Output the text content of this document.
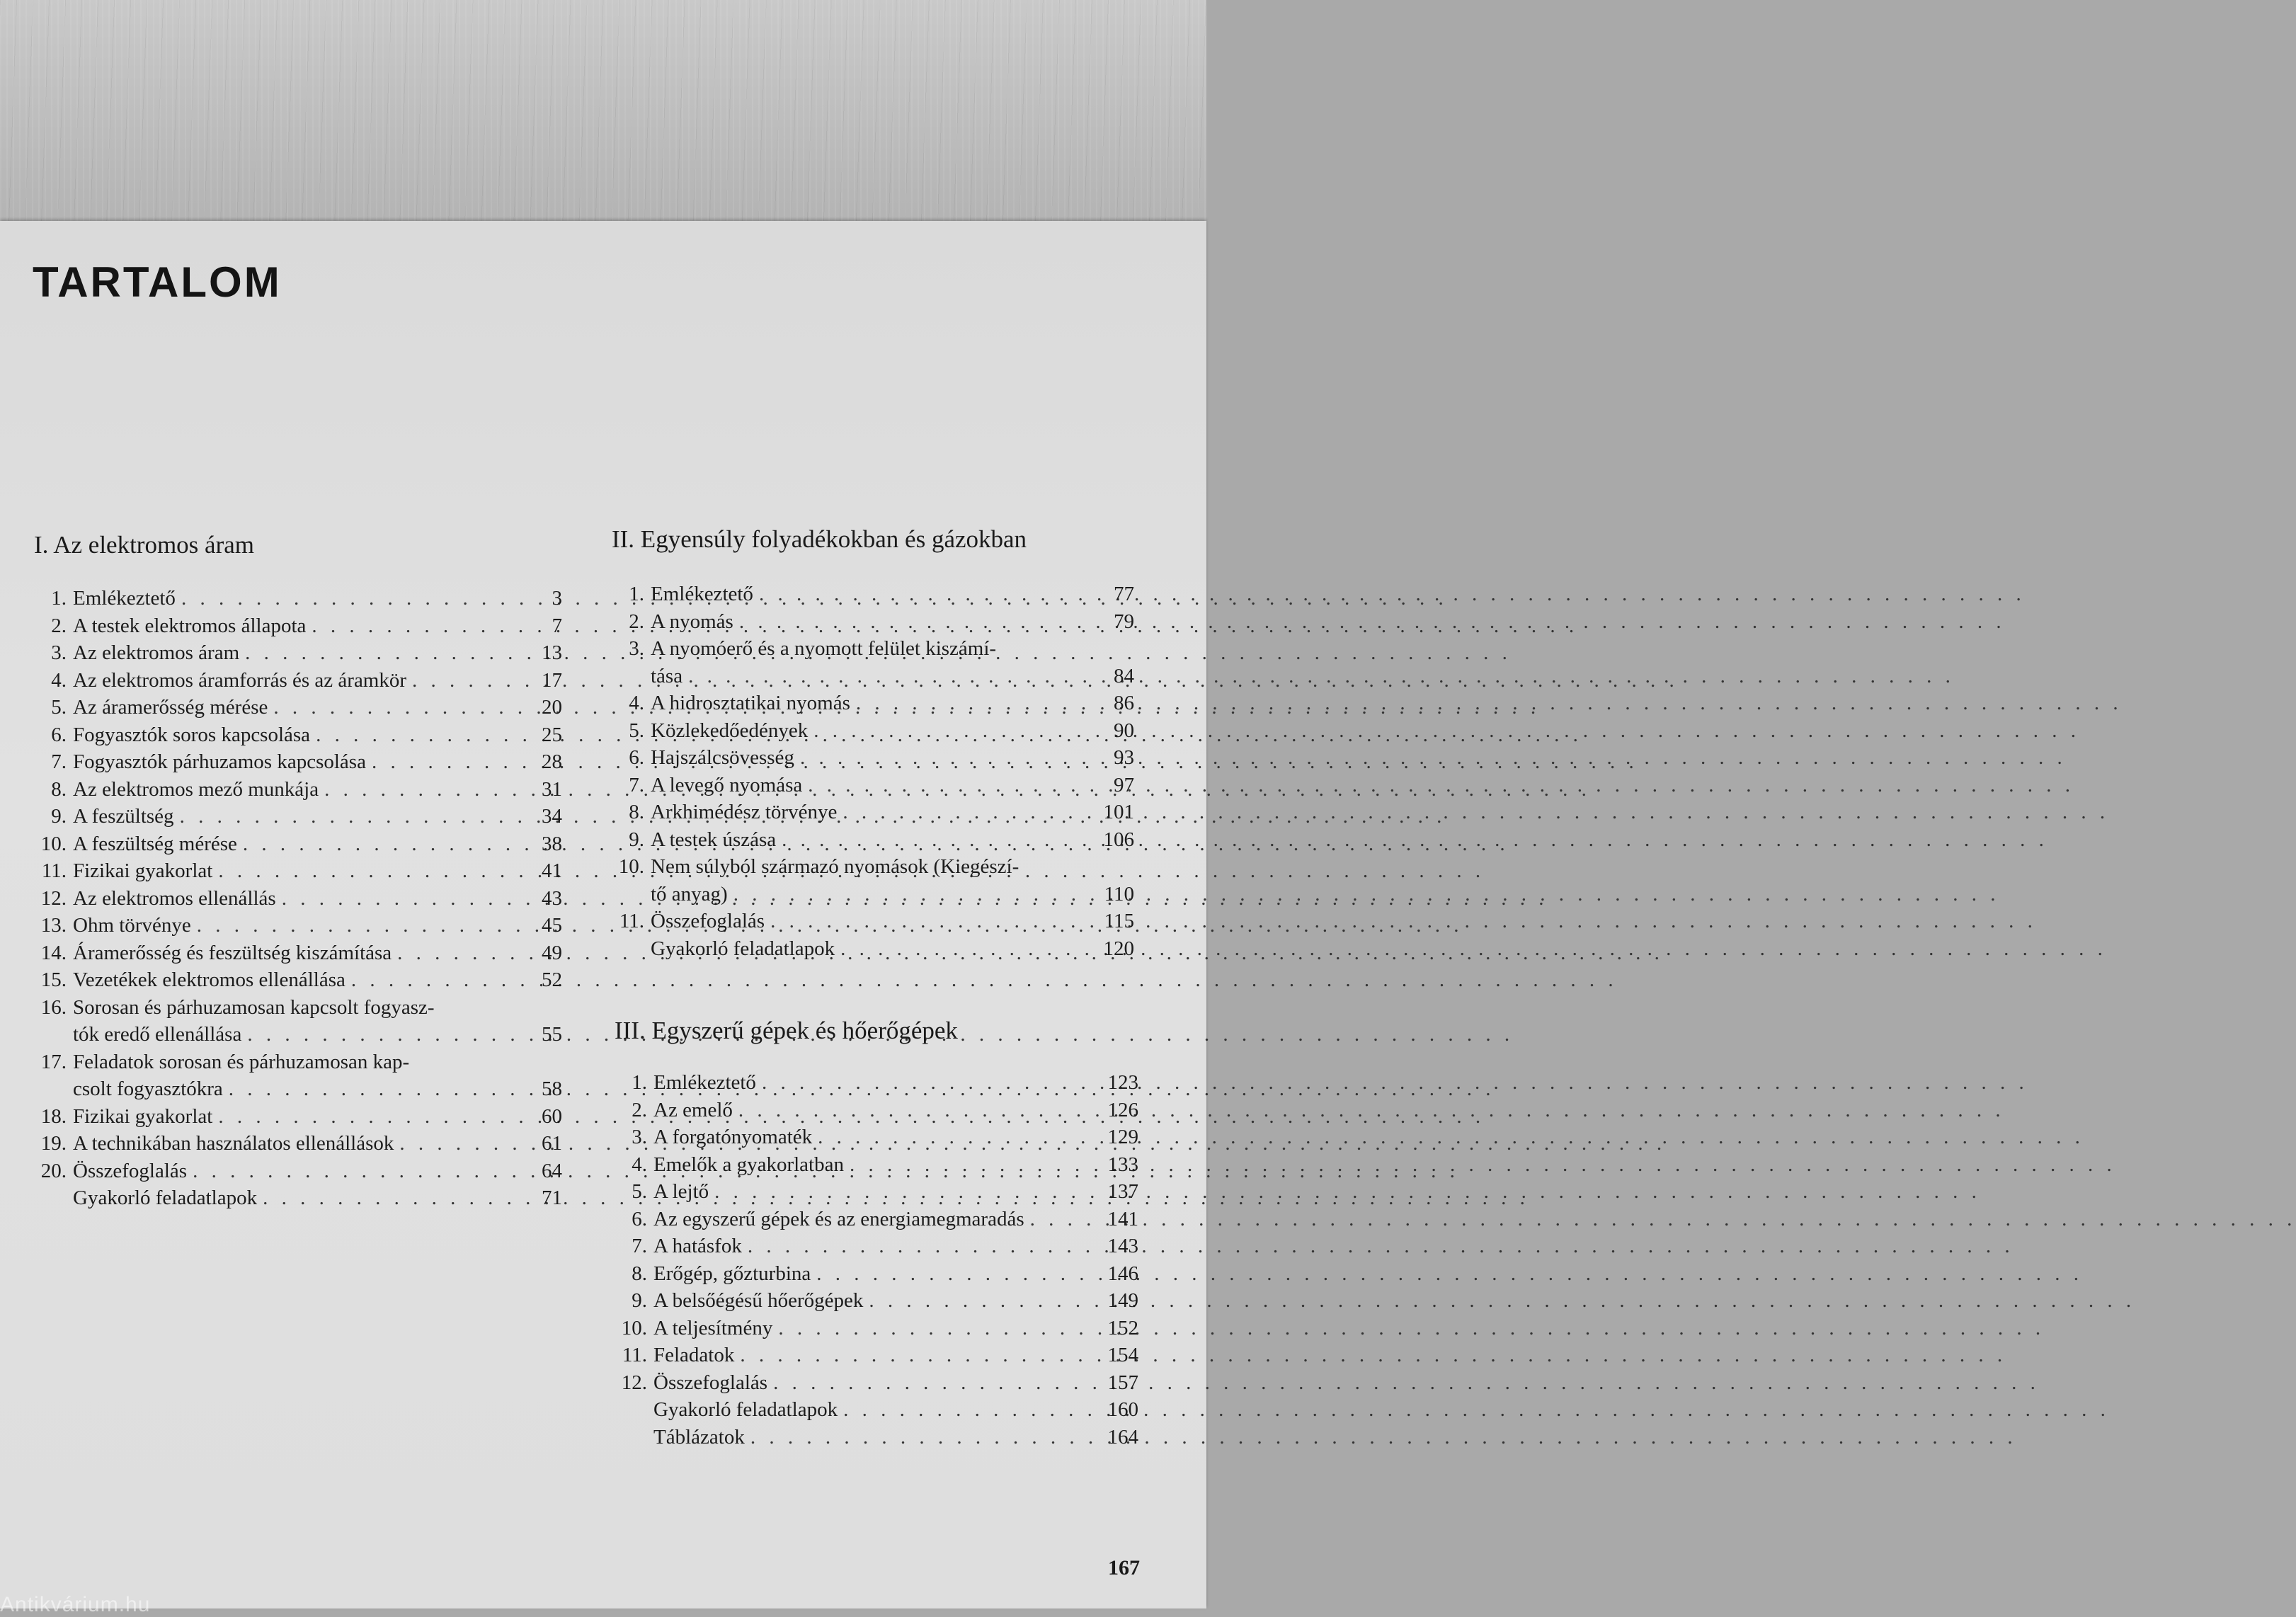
TARTALOM
I. Az elektromos áram
1. Emlékeztető . . .	3
2. A testek elektromos állapota . . .	7
3. Az elektromos áram . . .	13
4. Az elektromos áramforrás és az áramkör . . .	17
5. Az áramerősség mérése . . .	20
6. Fogyasztók soros kapcsolása . . .	25
7. Fogyasztók párhuzamos kapcsolása . . .	28
8. Az elektromos mező munkája . . .	31
9. A feszültség . . .	34
10. A feszültség mérése . . .	38
11. Fizikai gyakorlat . . .	41
12. Az elektromos ellenállás . . .	43
13. Ohm törvénye . . .	45
14. Áramerősség és feszültség kiszámítása . . .	49
15. Vezetékek elektromos ellenállása . . .	52
16. Sorosan és párhuzamosan kapcsolt fogyasz-
tók eredő ellenállása . . .	55
17. Feladatok sorosan és párhuzamosan kap-
csolt fogyasztókra . . .	58
18. Fizikai gyakorlat . . .	60
19. A technikában használatos ellenállások . . .	61
20. Összefoglalás . . .	64
Gyakorló feladatlapok . . .	71
II. Egyensúly folyadékokban és gázokban
1. Emlékeztető . . .	77
2. A nyomás . . .	79
3. A nyomóerő és a nyomott felület kiszámí-
tása . . .	84
4. A hidrosztatikai nyomás . . .	86
5. Közlekedőedények . . .	90
6. Hajszálcsövesség . . .	93
7. A levegő nyomása . . .	97
8. Arkhimédész törvénye . . .	101
9. A testek úszása . . .	106
10. Nem súlyból származó nyomások (Kiegészí-
tő anyag) . . .	110
11. Összefoglalás . . .	115
Gyakorló feladatlapok . . .	120
III. Egyszerű gépek és hőerőgépek
1. Emlékeztető . . .	123
2. Az emelő . . .	126
3. A forgatónyomaték . . .	129
4. Emelők a gyakorlatban . . .	133
5. A lejtő . . .	137
6. Az egyszerű gépek és az energiamegmaradás . . .	141
7. A hatásfok . . .	143
8. Erőgép, gőzturbina . . .	146
9. A belsőégésű hőerőgépek . . .	149
10. A teljesítmény . . .	152
11. Feladatok . . .	154
12. Összefoglalás . . .	157
Gyakorló feladatlapok . . .	160
Táblázatok . . .	164
167
Antikvárium.hu
